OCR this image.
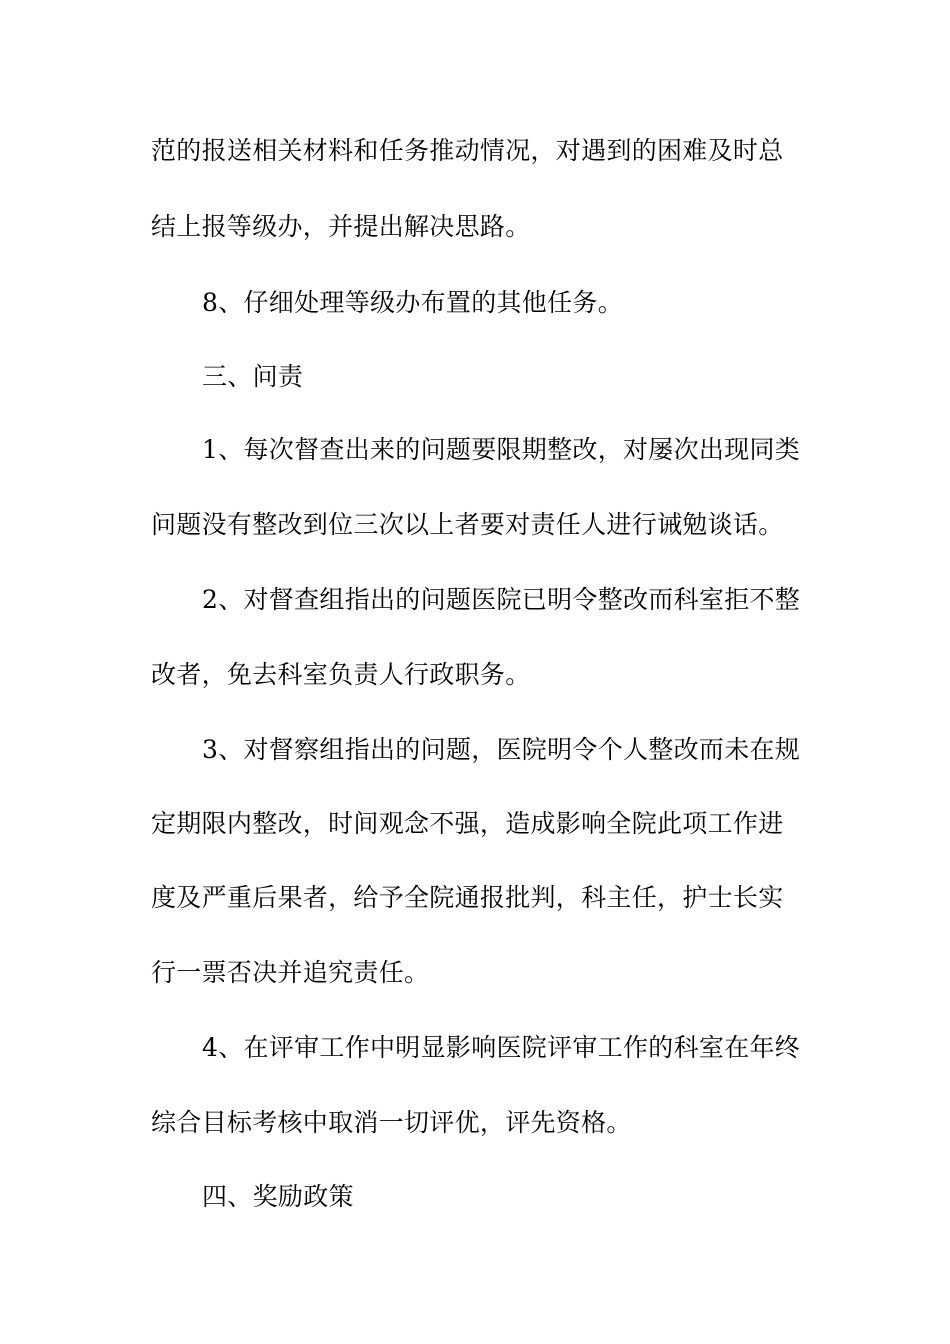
范的报送相关材料和任务推动情况，对遇到的困难及时总
结上报等级办，并提出解决思路。
8、仔细处理等级办布置的其他任务。
三、问责
1、每次督查出来的问题要限期整改，对屡次出现同类
问题没有整改到位三次以上者要对责任人进行诫勉谈话。
2、对督查组指出的问题医院已明令整改而科室拒不整
改者，免去科室负责人行政职务。
3、对督察组指出的问题，医院明令个人整改而未在规
定期限内整改，时间观念不强，造成影响全院此项工作进
度及严重后果者，给予全院通报批判，科主任，护士长实
行一票否决并追究责任。
4、在评审工作中明显影响医院评审工作的科室在年终
综合目标考核中取消一切评优，评先资格。
四、奖励政策
